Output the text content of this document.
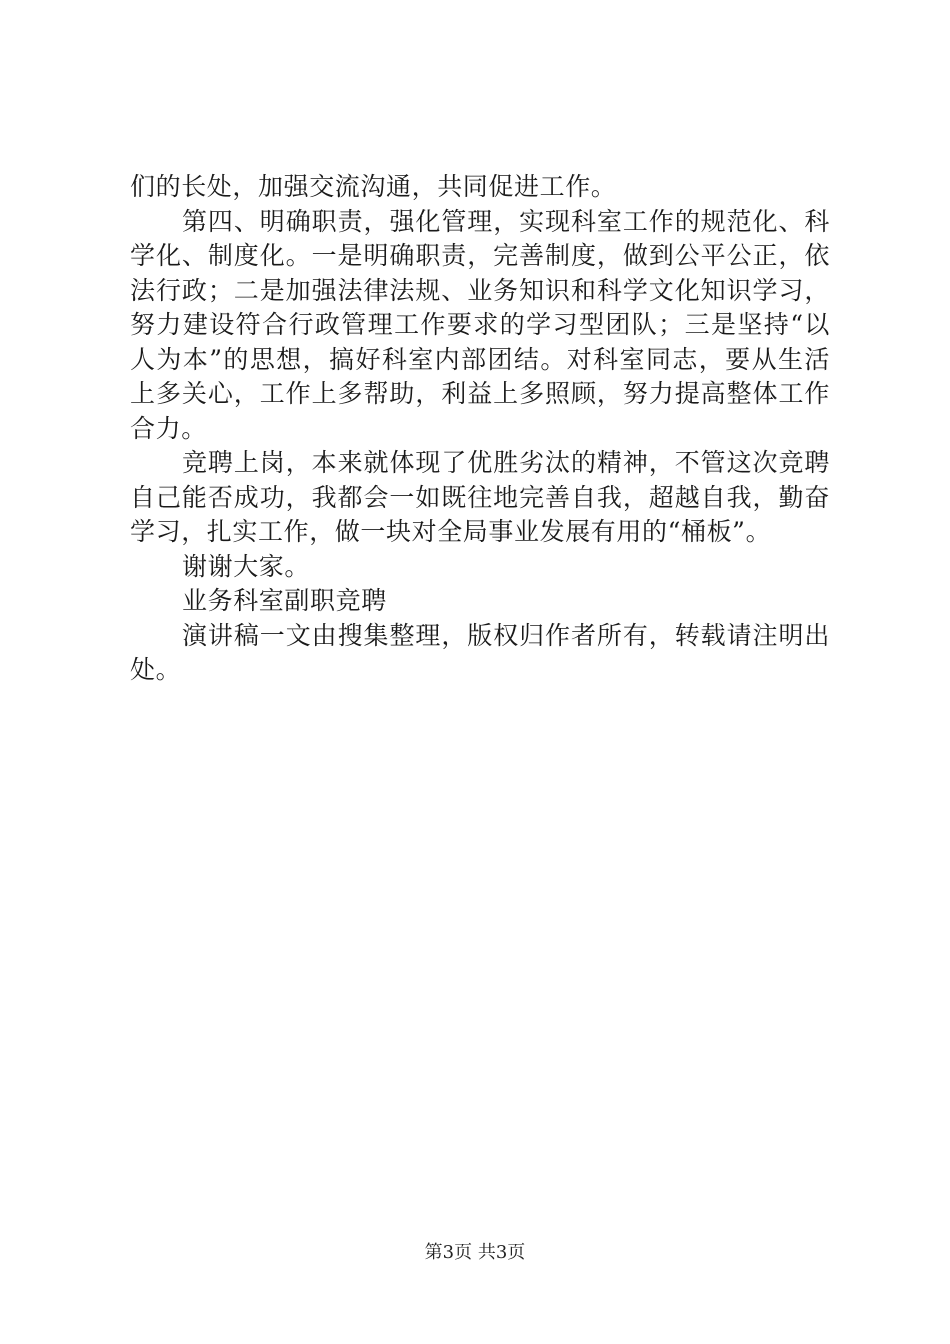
们的长处，加强交流沟通，共同促进工作。
第四、明确职责，强化管理，实现科室工作的规范化、科
学化、制度化。一是明确职责，完善制度，做到公平公正，依
法行政；二是加强法律法规、业务知识和科学文化知识学习，
努力建设符合行政管理工作要求的学习型团队；三是坚持“以
人为本”的思想，搞好科室内部团结。对科室同志，要从生活
上多关心，工作上多帮助，利益上多照顾，努力提高整体工作
合力。
竞聘上岗，本来就体现了优胜劣汰的精神，不管这次竞聘
自己能否成功，我都会一如既往地完善自我，超越自我，勤奋
学习，扎实工作，做一块对全局事业发展有用的“桶板”。
谢谢大家。
业务科室副职竞聘
演讲稿一文由搜集整理，版权归作者所有，转载请注明出
处。
第3页 共3页
